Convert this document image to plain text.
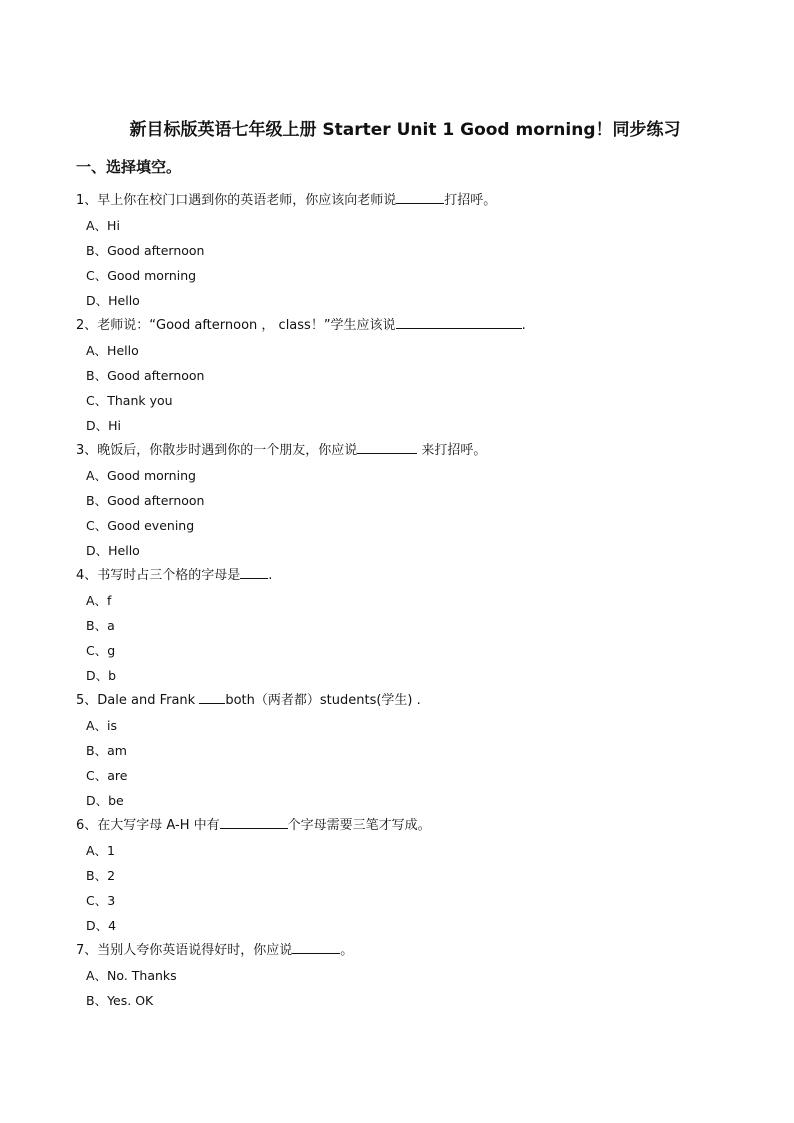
新目标版英语七年级上册 Starter Unit 1 Good morning！同步练习
一、选择填空。
1、早上你在校门口遇到你的英语老师，你应该向老师说	打招呼。
A、Hi
B、Good afternoon
C、Good morning
D、Hello
2、老师说：“Good afternoon ， class！”学生应该说	.
A、Hello
B、Good afternoon
C、Thank you
D、Hi
3、晚饭后，你散步时遇到你的一个朋友，你应说	来打招呼。
A、Good morning
B、Good afternoon
C、Good evening
D、Hello
4、书写时占三个格的字母是 .
A、f
B、a
C、g
D、b
5、Dale and Frank both（两者都）students(学生) .
A、is
B、am
C、are
D、be
6、在大写字母 A-H 中有	个字母需要三笔才写成。
A、1
B、2
C、3
D、4
7、当别人夸你英语说得好时，你应说	。
A、No. Thanks
B、Yes. OK
